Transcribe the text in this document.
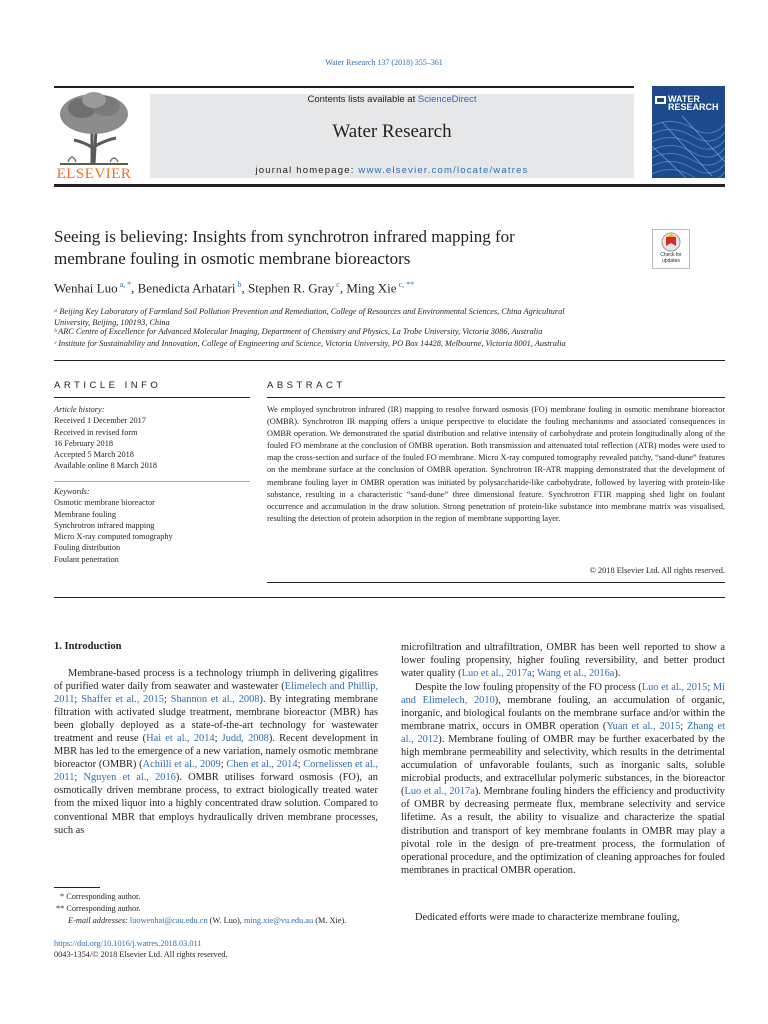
Water Research 137 (2018) 355–361
Contents lists available at ScienceDirect
Water Research
journal homepage: www.elsevier.com/locate/watres
ELSEVIER
WATER
RESEARCH
Seeing is believing: Insights from synchrotron infrared mapping for
membrane fouling in osmotic membrane bioreactors	Check for updates
Wenhai Luo $^{a, *}$, Benedicta Arhatari $^b$, Stephen R. Gray $^c$, Ming Xie $^{c, **}$
ᵃ Beijing Key Laboratory of Farmland Soil Pollution Prevention and Remediation, College of Resources and Environmental Sciences, China Agricultural
University, Beijing, 100193, China
ᵇ ARC Centre of Excellence for Advanced Molecular Imaging, Department of Chemistry and Physics, La Trobe University, Victoria 3086, Australia
ᶜ Institute for Sustainability and Innovation, College of Engineering and Science, Victoria University, PO Box 14428, Melbourne, Victoria 8001, Australia
ARTICLE INFO	ABSTRACT
Article history:
Received 1 December 2017
Received in revised form
16 February 2018
Accepted 5 March 2018
Available online 8 March 2018
Keywords:
Osmotic membrane bioreactor
Membrane fouling
Synchrotron infrared mapping
Micro X-ray computed tomography
Fouling distribution
Foulant penetration
We employed synchrotron infrared (IR) mapping to resolve forward osmosis (FO) membrane fouling in osmotic membrane bioreactor (OMBR). Synchrotron IR mapping offers a unique perspective to elucidate the fouling mechanisms and associated consequences in OMBR operation. We demonstrated the spatial distribution and relative intensity of carbohydrate and protein longitudinally along of the fouled FO membrane at the conclusion of OMBR operation. Both transmission and attenuated total reflection (ATR) modes were used to map the cross-section and surface of the fouled FO membrane. Micro X-ray computed tomography revealed patchy, “sand-dune” features on the membrane surface at the conclusion of OMBR operation. Synchrotron IR-ATR mapping demonstrated that the development of membrane fouling layer in OMBR operation was initiated by polysaccharide-like carbohydrate, followed by layering with protein-like substance, resulting in a characteristic “sand-dune” three dimensional feature. Synchrotron FTIR mapping shed light on foulant occurrence and accumulation in the draw solution. Strong penetration of protein-like substance into membrane matrix was visualised, resulting the detection of protein adsorption in the region of membrane supporting layer.
© 2018 Elsevier Ltd. All rights reserved.
1. Introduction
Membrane-based process is a technology triumph in delivering gigalitres of purified water daily from seawater and wastewater (Elimelech and Phillip, 2011; Shaffer et al., 2015; Shannon et al., 2008). By integrating membrane filtration with activated sludge treatment, membrane bioreactor (MBR) has been globally deployed as a state-of-the-art technology for wastewater treatment and reuse (Hai et al., 2014; Judd, 2008). Recent development in MBR has led to the emergence of a new variation, namely osmotic membrane bioreactor (OMBR) (Achilli et al., 2009; Chen et al., 2014; Cornelissen et al., 2011; Nguyen et al., 2016). OMBR utilises forward osmosis (FO), an osmotically driven membrane process, to extract biologically treated water from the mixed liquor into a highly concentrated draw solution. Compared to conventional MBR that employs hydraulically driven membrane processes, such as
microfiltration and ultrafiltration, OMBR has been well reported to show a lower fouling propensity, higher fouling reversibility, and better product water quality (Luo et al., 2017a; Wang et al., 2016a).
Despite the low fouling propensity of the FO process (Luo et al., 2015; Mi and Elimelech, 2010), membrane fouling, an accumulation of organic, inorganic, and biological foulants on the membrane surface and/or within the membrane matrix, occurs in OMBR operation (Yuan et al., 2015; Zhang et al., 2012). Membrane fouling of OMBR may be further exacerbated by the high membrane permeability and selectivity, which results in the detrimental accumulation of unfavorable foulants, such as inorganic salts, soluble microbial products, and extracellular polymeric substances, in the bioreactor (Luo et al., 2017a). Membrane fouling hinders the efficiency and productivity of OMBR by decreasing permeate flux, membrane selectivity and service lifetime. As a result, the ability to visualize and characterize the spatial distribution and transport of key membrane foulants in OMBR may play a pivotal role in the design of pre-treatment process, the formulation of operational procedure, and the optimization of cleaning approaches for fouled membranes in practical OMBR operation.
Dedicated efforts were made to characterize membrane fouling,
* Corresponding author.
** Corresponding author.
E-mail addresses: luowenhai@cau.edu.cn (W. Luo), ming.xie@vu.edu.au (M. Xie).
https://doi.org/10.1016/j.watres.2018.03.011
0043-1354/© 2018 Elsevier Ltd. All rights reserved.
